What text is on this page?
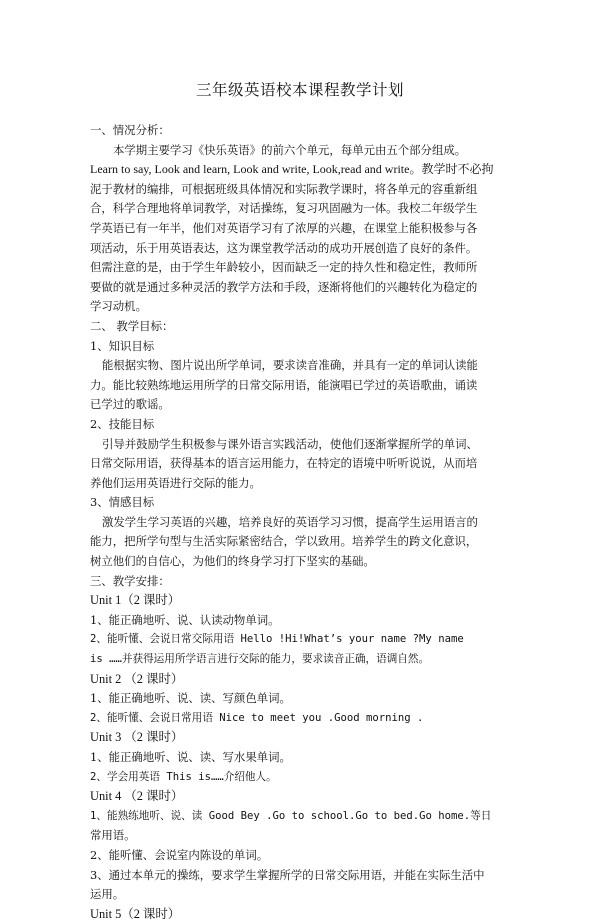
三年级英语校本课程教学计划
一、情况分析：
本学期主要学习《快乐英语》的前六个单元，每单元由五个部分组成。
Learn to say, Look and learn, Look and write, Look,read and write。教学时不必拘
泥于教材的编排，可根据班级具体情况和实际教学课时，将各单元的容重新组
合，科学合理地将单词教学，对话操练，复习巩固融为一体。我校二年级学生
学英语已有一年半，他们对英语学习有了浓厚的兴趣，在课堂上能积极参与各
项活动，乐于用英语表达，这为课堂教学活动的成功开展创造了良好的条件。
但需注意的是，由于学生年龄较小，因而缺乏一定的持久性和稳定性，教师所
要做的就是通过多种灵活的教学方法和手段，逐渐将他们的兴趣转化为稳定的
学习动机。
二、 教学目标：
1、知识目标
能根据实物、图片说出所学单词，要求读音准确，并具有一定的单词认读能
力。能比较熟练地运用所学的日常交际用语，能演唱已学过的英语歌曲，诵读
已学过的歌谣。
2、技能目标
引导并鼓励学生积极参与课外语言实践活动，使他们逐渐掌握所学的单词、
日常交际用语，获得基本的语言运用能力，在特定的语境中听听说说，从而培
养他们运用英语进行交际的能力。
3、情感目标
激发学生学习英语的兴趣，培养良好的英语学习习惯，提高学生运用语言的
能力，把所学句型与生活实际紧密结合，学以致用。培养学生的跨文化意识，
树立他们的自信心，为他们的终身学习打下坚实的基础。
三、教学安排：
Unit 1（2 课时）
1、能正确地听、说、认读动物单词。
2、能听懂、会说日常交际用语 Hello !Hi!What’s your name ?My name
is ……并获得运用所学语言进行交际的能力，要求读音正确，语调自然。
Unit 2 （2 课时）
1、能正确地听、说、读、写颜色单词。
2、能听懂、会说日常用语 Nice to meet you .Good morning .
Unit 3 （2 课时）
1、能正确地听、说、读、写水果单词。
2、学会用英语 This is……介绍他人。
Unit 4 （2 课时）
1、能熟练地听、说、读 Good Bey .Go to school.Go to bed.Go home.等日
常用语。
2、能听懂、会说室内陈设的单词。
3、通过本单元的操练，要求学生掌握所学的日常交际用语，并能在实际生活中
运用。
Unit 5（2 课时）
